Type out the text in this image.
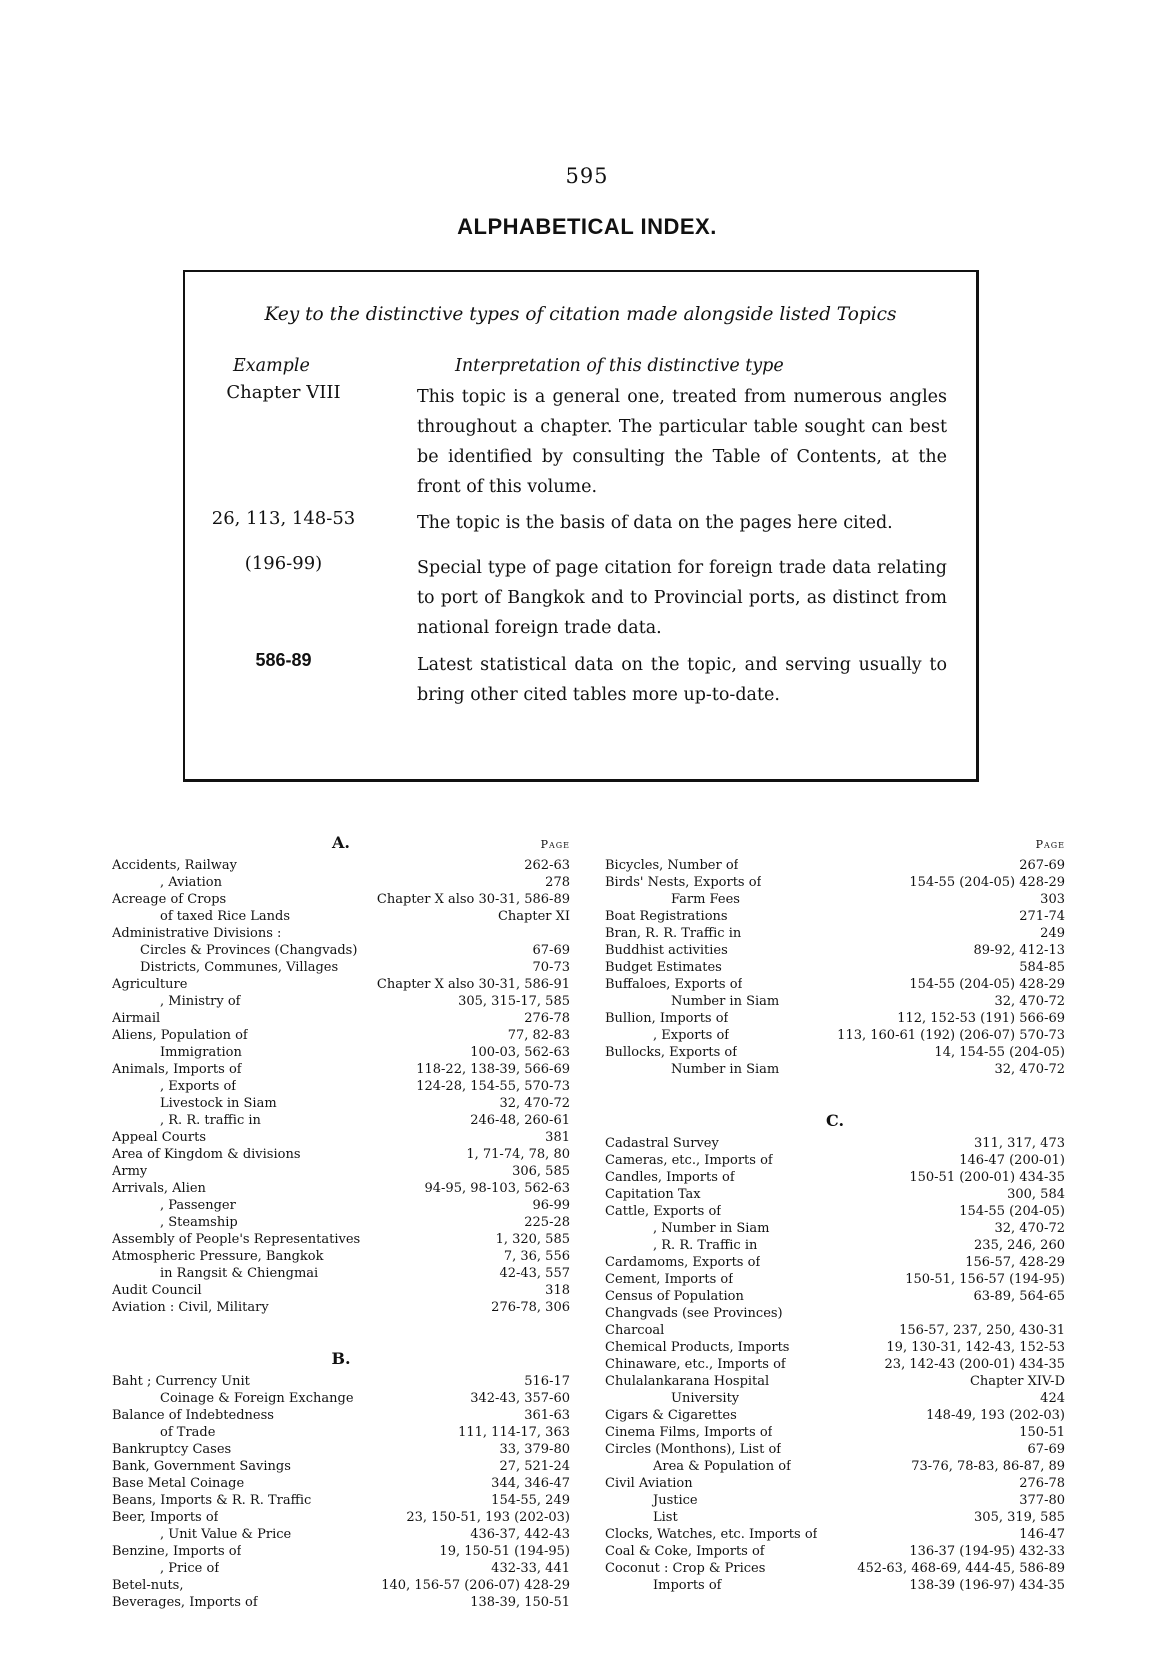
595
ALPHABETICAL INDEX.
Key to the distinctive types of citation made alongside listed Topics
Example	Interpretation of this distinctive type
Chapter VIII	This topic is a general one, treated from numerous angles throughout a chapter. The particular table sought can best be identified by consulting the Table of Contents, at the front of this volume.
26, 113, 148-53	The topic is the basis of data on the pages here cited.
(196-99)	Special type of page citation for foreign trade data relating to port of Bangkok and to Provincial ports, as distinct from national foreign trade data.
586-89	Latest statistical data on the topic, and serving usually to bring other cited tables more up-to-date.
A.	Page
Accidents, Railway	262-63
, Aviation	278
Acreage of Crops	Chapter X also 30-31, 586-89
of taxed Rice Lands	Chapter XI
Administrative Divisions :
Circles & Provinces (Changvads)	67-69
Districts, Communes, Villages	70-73
Agriculture	Chapter X also 30-31, 586-91
, Ministry of	305, 315-17, 585
Airmail	276-78
Aliens, Population of	77, 82-83
Immigration	100-03, 562-63
Animals, Imports of	118-22, 138-39, 566-69
, Exports of	124-28, 154-55, 570-73
Livestock in Siam	32, 470-72
, R. R. traffic in	246-48, 260-61
Appeal Courts	381
Area of Kingdom & divisions	1, 71-74, 78, 80
Army	306, 585
Arrivals, Alien	94-95, 98-103, 562-63
, Passenger	96-99
, Steamship	225-28
Assembly of People's Representatives	1, 320, 585
Atmospheric Pressure, Bangkok	7, 36, 556
in Rangsit & Chiengmai	42-43, 557
Audit Council	318
Aviation : Civil, Military	276-78, 306
B.
Baht ; Currency Unit	516-17
Coinage & Foreign Exchange	342-43, 357-60
Balance of Indebtedness	361-63
of Trade	111, 114-17, 363
Bankruptcy Cases	33, 379-80
Bank, Government Savings	27, 521-24
Base Metal Coinage	344, 346-47
Beans, Imports & R. R. Traffic	154-55, 249
Beer, Imports of	23, 150-51, 193 (202-03)
, Unit Value & Price	436-37, 442-43
Benzine, Imports of	19, 150-51 (194-95)
, Price of	432-33, 441
Betel-nuts,	140, 156-57 (206-07) 428-29
Beverages, Imports of	138-39, 150-51
Page
Bicycles, Number of	267-69
Birds' Nests, Exports of	154-55 (204-05) 428-29
Farm Fees	303
Boat Registrations	271-74
Bran, R. R. Traffic in	249
Buddhist activities	89-92, 412-13
Budget Estimates	584-85
Buffaloes, Exports of	154-55 (204-05) 428-29
Number in Siam	32, 470-72
Bullion, Imports of	112, 152-53 (191) 566-69
, Exports of	113, 160-61 (192) (206-07) 570-73
Bullocks, Exports of	14, 154-55 (204-05)
Number in Siam	32, 470-72
C.
Cadastral Survey	311, 317, 473
Cameras, etc., Imports of	146-47 (200-01)
Candles, Imports of	150-51 (200-01) 434-35
Capitation Tax	300, 584
Cattle, Exports of	154-55 (204-05)
, Number in Siam	32, 470-72
, R. R. Traffic in	235, 246, 260
Cardamoms, Exports of	156-57, 428-29
Cement, Imports of	150-51, 156-57 (194-95)
Census of Population	63-89, 564-65
Changvads (see Provinces)
Charcoal	156-57, 237, 250, 430-31
Chemical Products, Imports	19, 130-31, 142-43, 152-53
Chinaware, etc., Imports of	23, 142-43 (200-01) 434-35
Chulalankarana Hospital	Chapter XIV-D
University	424
Cigars & Cigarettes	148-49, 193 (202-03)
Cinema Films, Imports of	150-51
Circles (Monthons), List of	67-69
Area & Population of	73-76, 78-83, 86-87, 89
Civil Aviation	276-78
Justice	377-80
List	305, 319, 585
Clocks, Watches, etc. Imports of	146-47
Coal & Coke, Imports of	136-37 (194-95) 432-33
Coconut : Crop & Prices	452-63, 468-69, 444-45, 586-89
Imports of	138-39 (196-97) 434-35
